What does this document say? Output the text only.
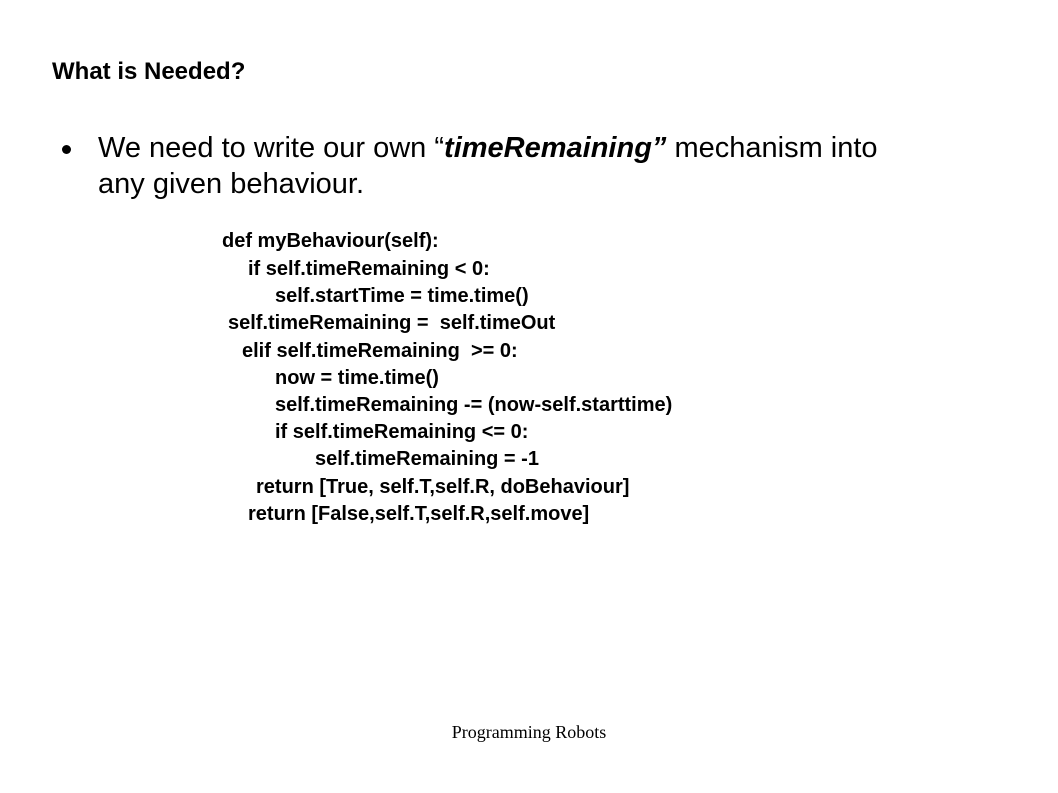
What is Needed?
We need to write our own “timeRemaining” mechanism into
any given behaviour.
def myBehaviour(self):
if self.timeRemaining < 0:
self.startTime = time.time()
self.timeRemaining =  self.timeOut
elif self.timeRemaining  >= 0:
now = time.time()
self.timeRemaining -= (now-self.starttime)
if self.timeRemaining <= 0:
self.timeRemaining = -1
return [True, self.T,self.R, doBehaviour]
return [False,self.T,self.R,self.move]
Programming Robots
